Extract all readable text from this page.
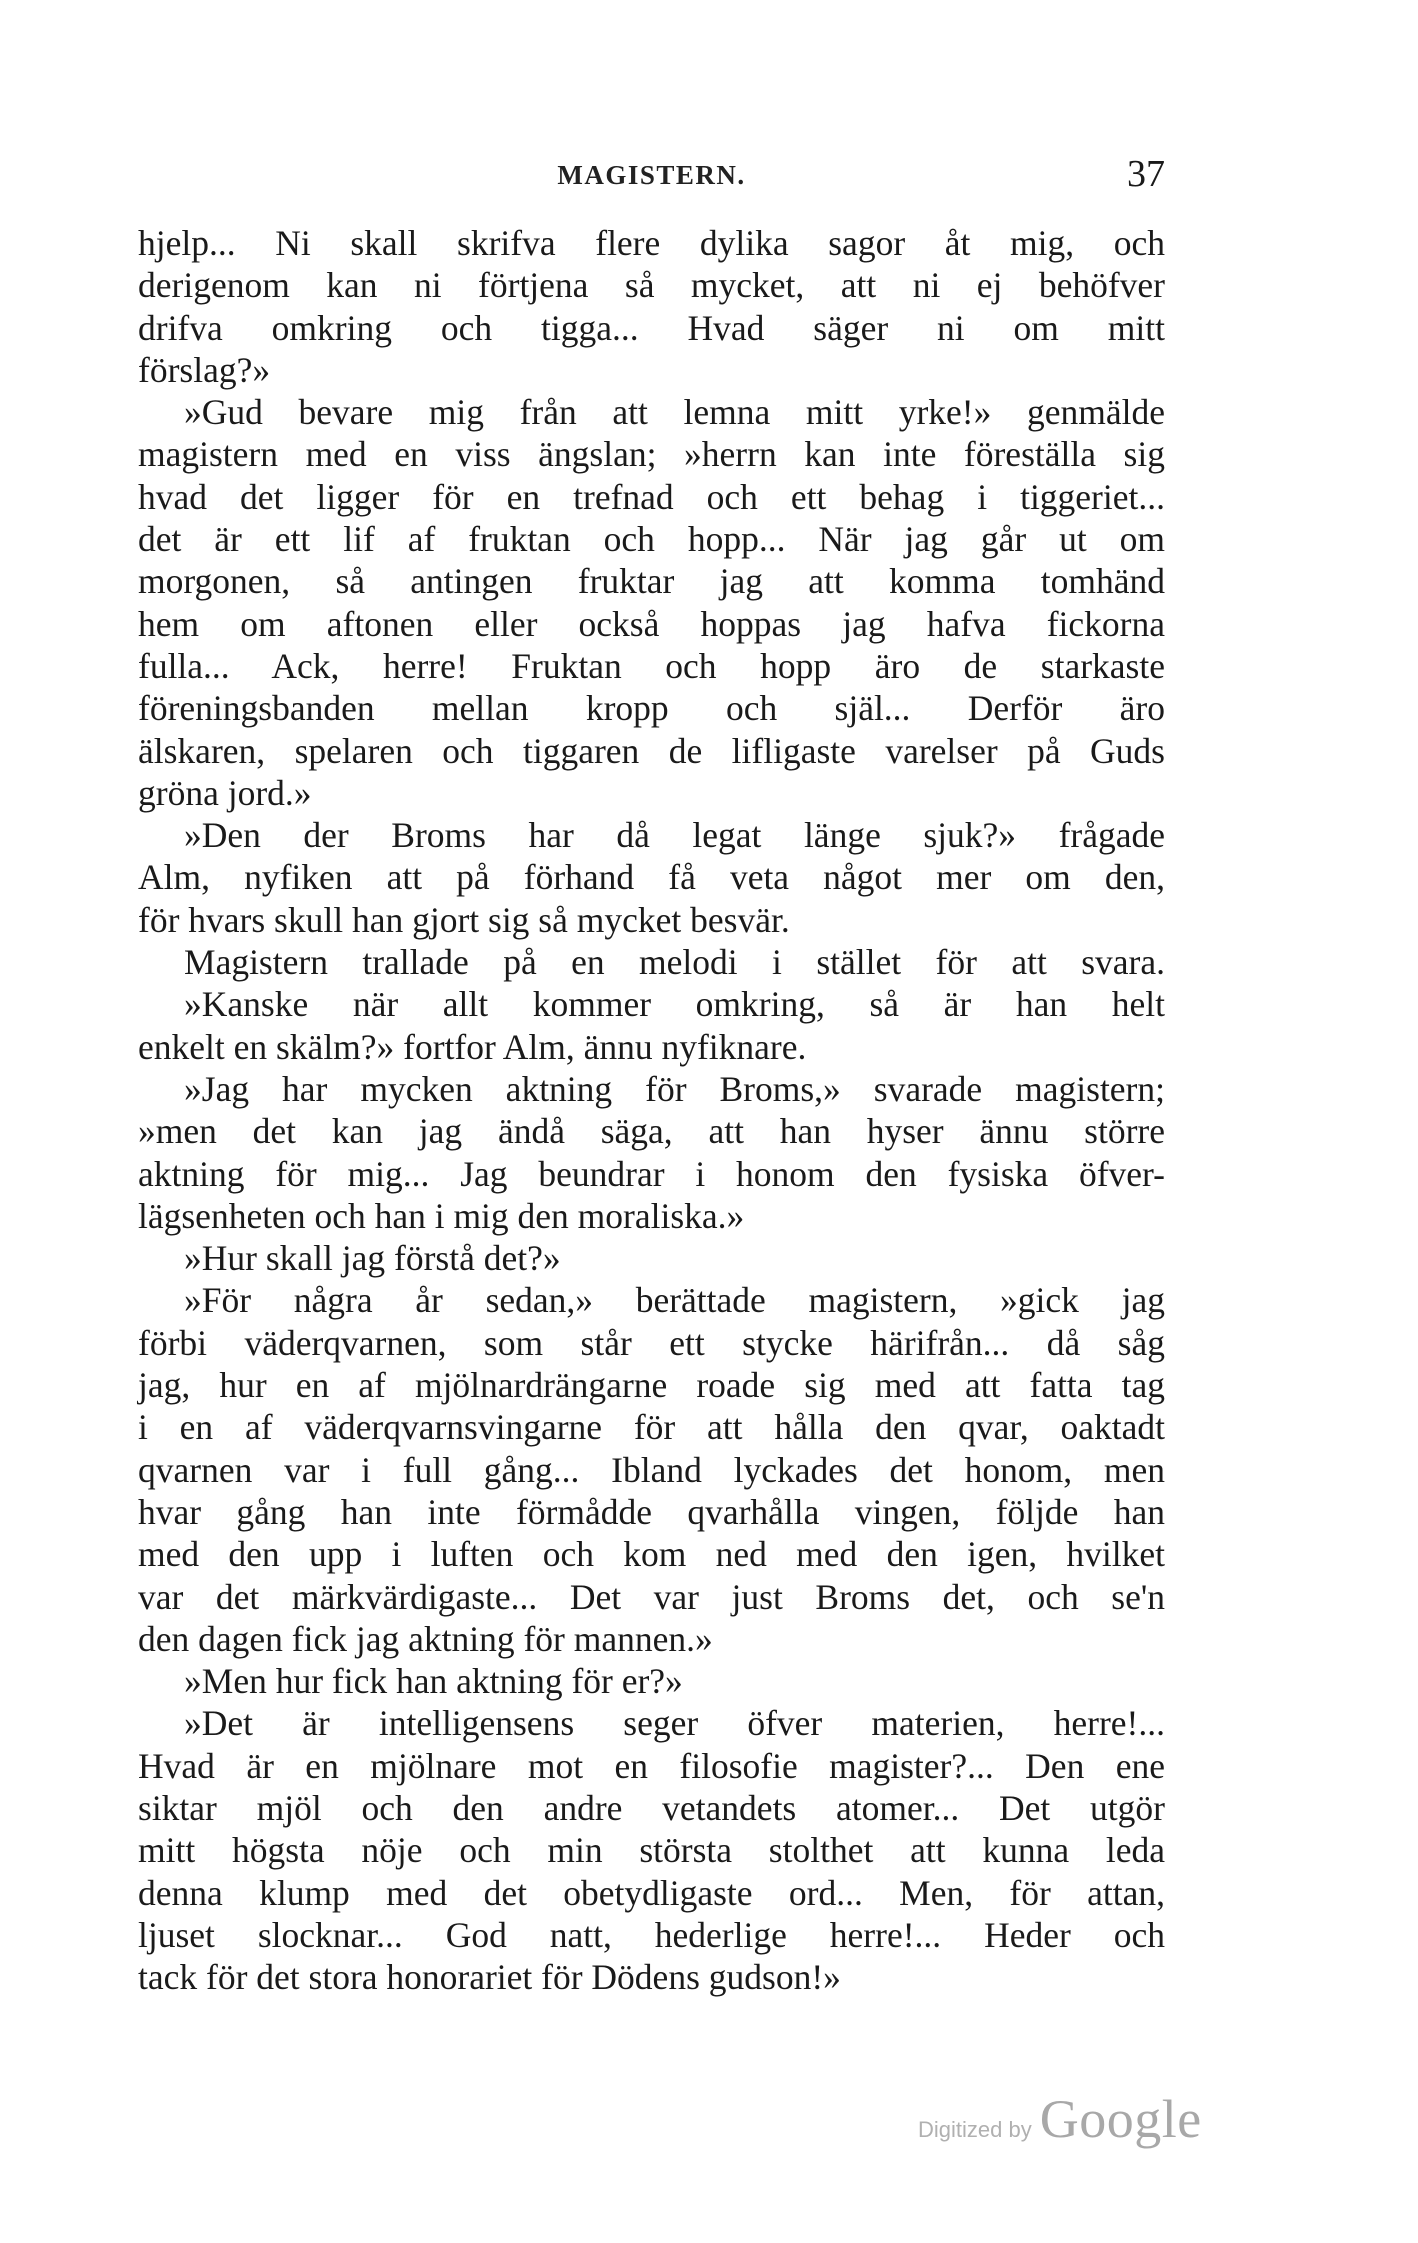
MAGISTERN.	37
hjelp... Ni skall skrifva flere dylika sagor åt mig, och
derigenom kan ni förtjena så mycket, att ni ej behöfver
drifva omkring och tigga... Hvad säger ni om mitt
förslag?»
»Gud bevare mig från att lemna mitt yrke!» genmälde
magistern med en viss ängslan; »herrn kan inte föreställa sig
hvad det ligger för en trefnad och ett behag i tiggeriet...
det är ett lif af fruktan och hopp... När jag går ut om
morgonen, så antingen fruktar jag att komma tomhänd
hem om aftonen eller också hoppas jag hafva fickorna
fulla... Ack, herre! Fruktan och hopp äro de starkaste
föreningsbanden mellan kropp och själ... Derför äro
älskaren, spelaren och tiggaren de lifligaste varelser på Guds
gröna jord.»
»Den der Broms har då legat länge sjuk?» frågade
Alm, nyfiken att på förhand få veta något mer om den,
för hvars skull han gjort sig så mycket besvär.
Magistern trallade på en melodi i stället för att svara.
»Kanske när allt kommer omkring, så är han helt
enkelt en skälm?» fortfor Alm, ännu nyfiknare.
»Jag har mycken aktning för Broms,» svarade magistern;
»men det kan jag ändå säga, att han hyser ännu större
aktning för mig... Jag beundrar i honom den fysiska öfver-
lägsenheten och han i mig den moraliska.»
»Hur skall jag förstå det?»
»För några år sedan,» berättade magistern, »gick jag
förbi väderqvarnen, som står ett stycke härifrån... då såg
jag, hur en af mjölnardrängarne roade sig med att fatta tag
i en af väderqvarnsvingarne för att hålla den qvar, oaktadt
qvarnen var i full gång... Ibland lyckades det honom, men
hvar gång han inte förmådde qvarhålla vingen, följde han
med den upp i luften och kom ned med den igen, hvilket
var det märkvärdigaste... Det var just Broms det, och se'n
den dagen fick jag aktning för mannen.»
»Men hur fick han aktning för er?»
»Det är intelligensens seger öfver materien, herre!...
Hvad är en mjölnare mot en filosofie magister?... Den ene
siktar mjöl och den andre vetandets atomer... Det utgör
mitt högsta nöje och min största stolthet att kunna leda
denna klump med det obetydligaste ord... Men, för attan,
ljuset slocknar... God natt, hederlige herre!... Heder och
tack för det stora honorariet för Dödens gudson!»
Digitized by Google
